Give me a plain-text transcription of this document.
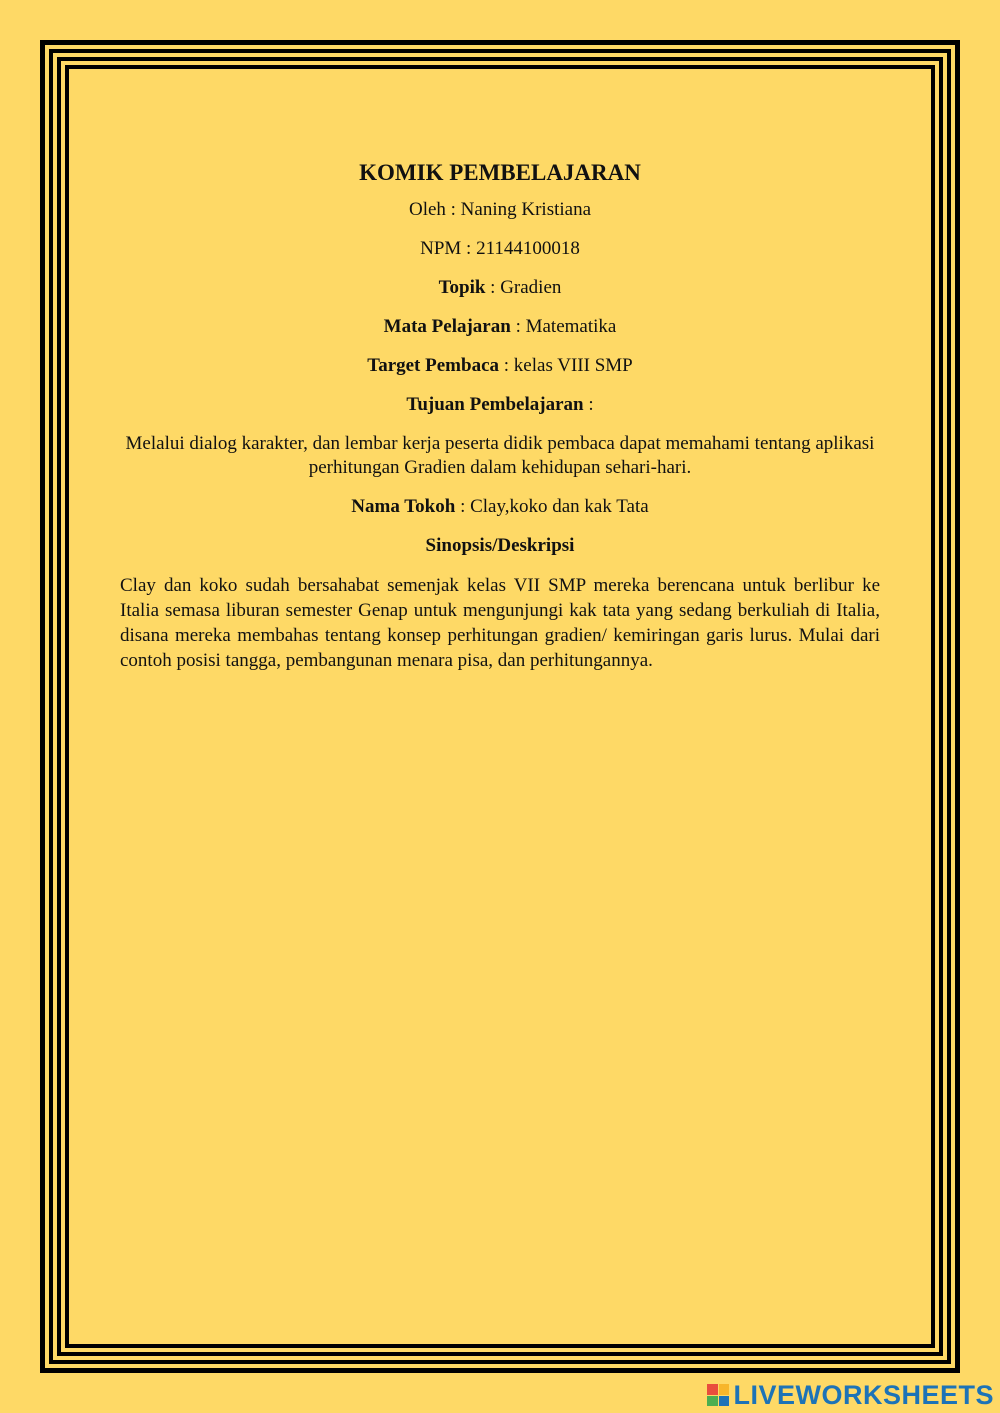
KOMIK PEMBELAJARAN
Oleh : Naning Kristiana
NPM : 21144100018
Topik : Gradien
Mata Pelajaran : Matematika
Target Pembaca : kelas VIII SMP
Tujuan Pembelajaran :
Melalui dialog karakter, dan lembar kerja peserta didik pembaca dapat memahami tentang aplikasi perhitungan Gradien dalam kehidupan sehari-hari.
Nama Tokoh : Clay,koko dan kak Tata
Sinopsis/Deskripsi

Clay dan koko sudah bersahabat semenjak kelas VII SMP mereka berencana untuk berlibur ke Italia semasa liburan semester Genap untuk mengunjungi kak tata yang sedang berkuliah di Italia, disana mereka membahas tentang konsep perhitungan gradien/ kemiringan garis lurus. Mulai dari contoh posisi tangga, pembangunan menara pisa, dan perhitungannya.

LIVEWORKSHEETS
